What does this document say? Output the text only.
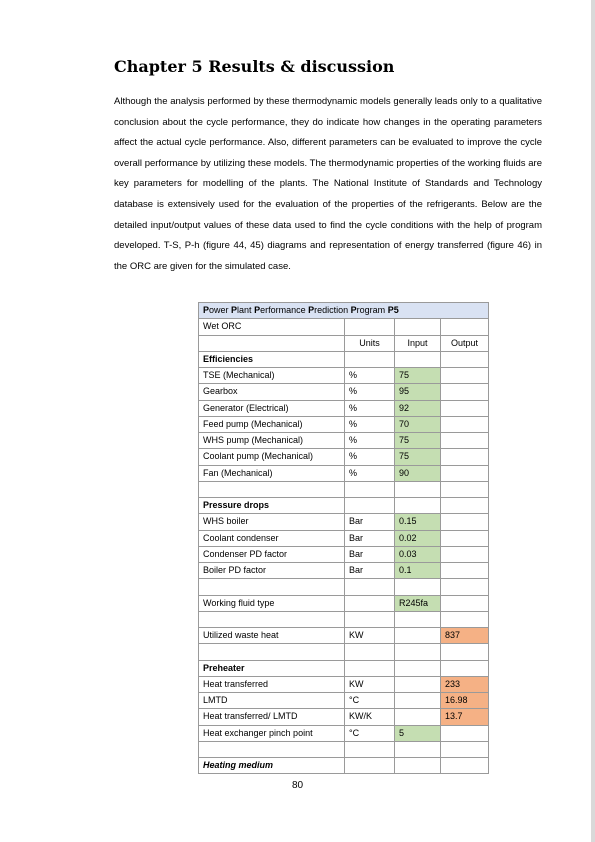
Chapter 5 Results & discussion

Although the analysis performed by these thermodynamic models generally leads only to a qualitative conclusion about the cycle performance, they do indicate how changes in the operating parameters affect the actual cycle performance. Also, different parameters can be evaluated to improve the cycle overall performance by utilizing these models. The thermodynamic properties of the working fluids are key parameters for modelling of the plants. The National Institute of Standards and Technology database is extensively used for the evaluation of the properties of the refrigerants. Below are the detailed input/output values of these data used to find the cycle conditions with the help of program developed. T-S, P-h (figure 44, 45) diagrams and representation of energy transferred (figure 46) in the ORC are given for the simulated case.

Power Plant Performance Prediction Program P5			
Wet ORC			
	Units	Input	Output
Efficiencies			
TSE (Mechanical)	%	75	
Gearbox	%	95	
Generator (Electrical)	%	92	
Feed pump (Mechanical)	%	70	
WHS pump (Mechanical)	%	75	
Coolant pump (Mechanical)	%	75	
Fan (Mechanical)	%	90	

Pressure drops			
WHS boiler	Bar	0.15	
Coolant condenser	Bar	0.02	
Condenser PD factor	Bar	0.03	
Boiler PD factor	Bar	0.1	

Working fluid type		R245fa	

Utilized waste heat	KW		837

Preheater			
Heat transferred	KW		233
LMTD	°C		16.98
Heat transferred/ LMTD	KW/K		13.7
Heat exchanger pinch point	°C	5	

Heating medium			
80
